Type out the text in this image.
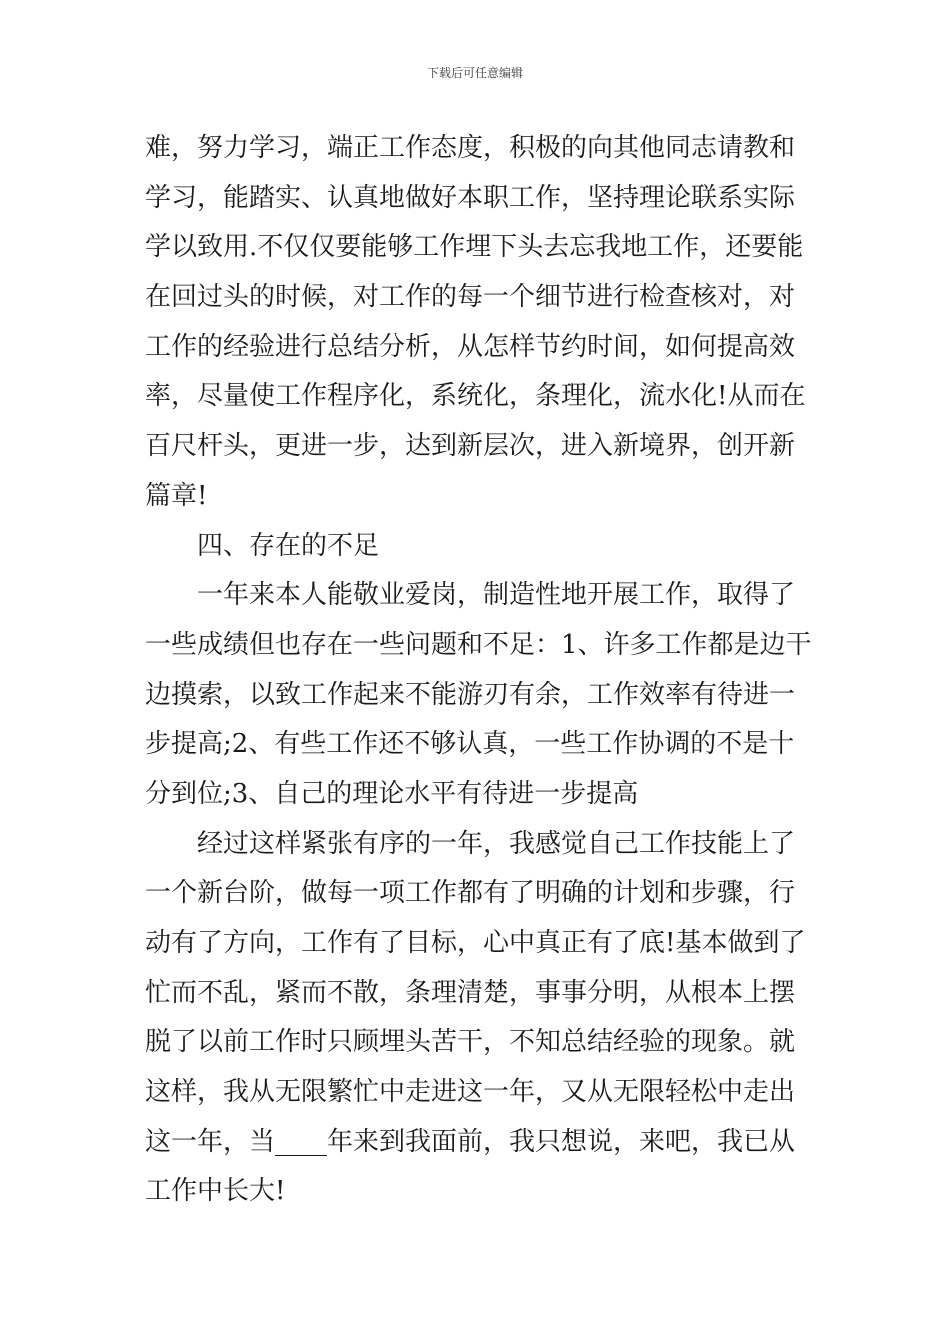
下载后可任意编辑
难，努力学习，端正工作态度，积极的向其他同志请教和
学习，能踏实、认真地做好本职工作，坚持理论联系实际
学以致用.不仅仅要能够工作埋下头去忘我地工作，还要能
在回过头的时候，对工作的每一个细节进行检查核对，对
工作的经验进行总结分析，从怎样节约时间，如何提高效
率，尽量使工作程序化，系统化，条理化，流水化!从而在
百尺杆头，更进一步，达到新层次，进入新境界，创开新
篇章!
四、存在的不足
一年来本人能敬业爱岗，制造性地开展工作，取得了
一些成绩但也存在一些问题和不足：1、许多工作都是边干
边摸索，以致工作起来不能游刃有余，工作效率有待进一
步提高;2、有些工作还不够认真，一些工作协调的不是十
分到位;3、自己的理论水平有待进一步提高
经过这样紧张有序的一年，我感觉自己工作技能上了
一个新台阶，做每一项工作都有了明确的计划和步骤，行
动有了方向，工作有了目标，心中真正有了底!基本做到了
忙而不乱，紧而不散，条理清楚，事事分明，从根本上摆
脱了以前工作时只顾埋头苦干，不知总结经验的现象。就
这样，我从无限繁忙中走进这一年，又从无限轻松中走出
这一年，当____年来到我面前，我只想说，来吧，我已从
工作中长大!
